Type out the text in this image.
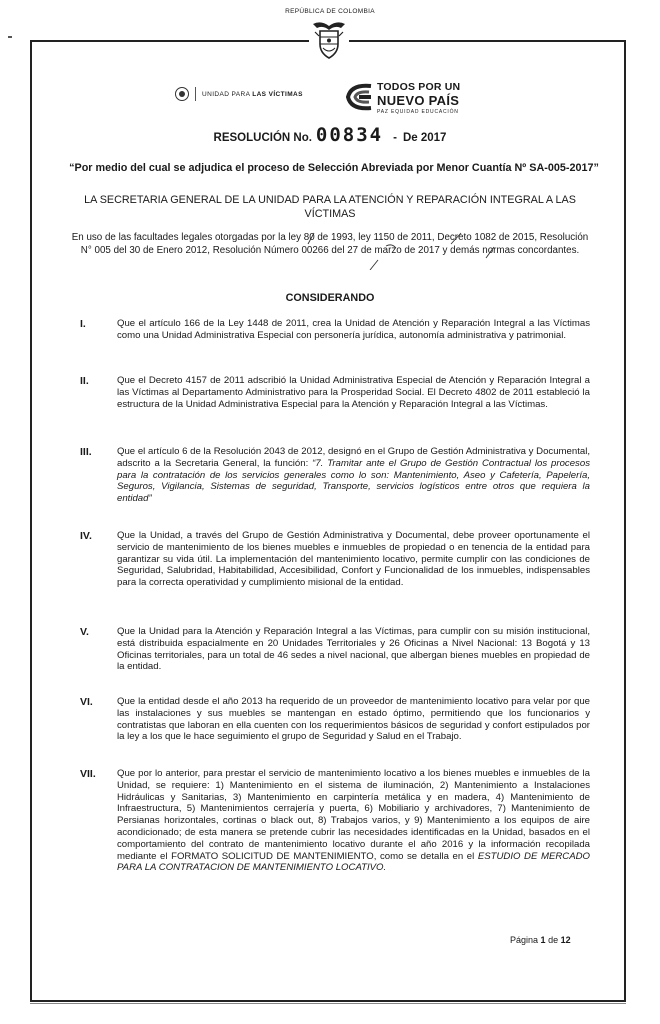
REPÚBLICA DE COLOMBIA
UNIDAD PARA LAS VÍCTIMAS
TODOS POR UN
NUEVO PAÍS
PAZ EQUIDAD EDUCACIÓN
RESOLUCIÓN No. 00834 - De 2017
“Por medio del cual se adjudica el proceso de Selección Abreviada por Menor Cuantía Nº SA-005-2017”
LA SECRETARIA GENERAL DE LA UNIDAD PARA LA ATENCIÓN Y REPARACIÓN INTEGRAL A LAS VÍCTIMAS
En uso de las facultades legales otorgadas por la ley 80 de 1993, ley 1150 de 2011, Decreto 1082 de 2015, Resolución N° 005 del 30 de Enero 2012, Resolución Número 00266 del 27 de marzo de 2017 y demás normas concordantes.
CONSIDERANDO
I.	Que el artículo 166 de la Ley 1448 de 2011, crea la Unidad de Atención y Reparación Integral a las Víctimas como una Unidad Administrativa Especial con personería jurídica, autonomía administrativa y patrimonial.
II.	Que el Decreto 4157 de 2011 adscribió la Unidad Administrativa Especial de Atención y Reparación Integral a las Víctimas al Departamento Administrativo para la Prosperidad Social. El Decreto 4802 de 2011 estableció la estructura de la Unidad Administrativa Especial para la Atención y Reparación Integral a las Víctimas.
III.	Que el artículo 6 de la Resolución 2043 de 2012, designó en el Grupo de Gestión Administrativa y Documental, adscrito a la Secretaria General, la función: “7. Tramitar ante el Grupo de Gestión Contractual los procesos para la contratación de los servicios generales como lo son: Mantenimiento, Aseo y Cafetería, Papelería, Seguros, Vigilancia, Sistemas de seguridad, Transporte, servicios logísticos entre otros que requiera la entidad”
IV.	Que la Unidad, a través del Grupo de Gestión Administrativa y Documental, debe proveer oportunamente el servicio de mantenimiento de los bienes muebles e inmuebles de propiedad o en tenencia de la entidad para garantizar su vida útil. La implementación del mantenimiento locativo, permite cumplir con las condiciones de Seguridad, Salubridad, Habitabilidad, Accesibilidad, Confort y Funcionalidad de los inmuebles, indispensables para la correcta operatividad y cumplimiento misional de la entidad.
V.	Que la Unidad para la Atención y Reparación Integral a las Víctimas, para cumplir con su misión institucional, está distribuida espacialmente en 20 Unidades Territoriales y 26 Oficinas a Nivel Nacional: 13 Bogotá y 13 Oficinas territoriales, para un total de 46 sedes a nivel nacional, que albergan bienes muebles en propiedad de la entidad.
VI.	Que la entidad desde el año 2013 ha requerido de un proveedor de mantenimiento locativo para velar por que las instalaciones y sus muebles se mantengan en estado óptimo, permitiendo que los funcionarios y contratistas que laboran en ella cuenten con los requerimientos básicos de seguridad y confort estipulados por la ley a los que le hace seguimiento el grupo de Seguridad y Salud en el Trabajo.
VII. Que por lo anterior, para prestar el servicio de mantenimiento locativo a los bienes muebles e inmuebles de la Unidad, se requiere: 1) Mantenimiento en el sistema de iluminación, 2) Mantenimiento a Instalaciones Hidráulicas y Sanitarias, 3) Mantenimiento en carpintería metálica y en madera, 4) Mantenimiento de Infraestructura, 5) Mantenimientos cerrajería y puerta, 6) Mobiliario y archivadores, 7) Mantenimiento de Persianas horizontales, cortinas o black out, 8) Trabajos varios, y 9) Mantenimiento a los equipos de aire acondicionado; de esta manera se pretende cubrir las necesidades identificadas en la Unidad, basados en el comportamiento del contrato de mantenimiento locativo durante el año 2016 y la información recopilada mediante el FORMATO SOLICITUD DE MANTENIMIENTO, como se detalla en el ESTUDIO DE MERCADO PARA LA CONTRATACION DE MANTENIMIENTO LOCATIVO.
Página 1 de 12
